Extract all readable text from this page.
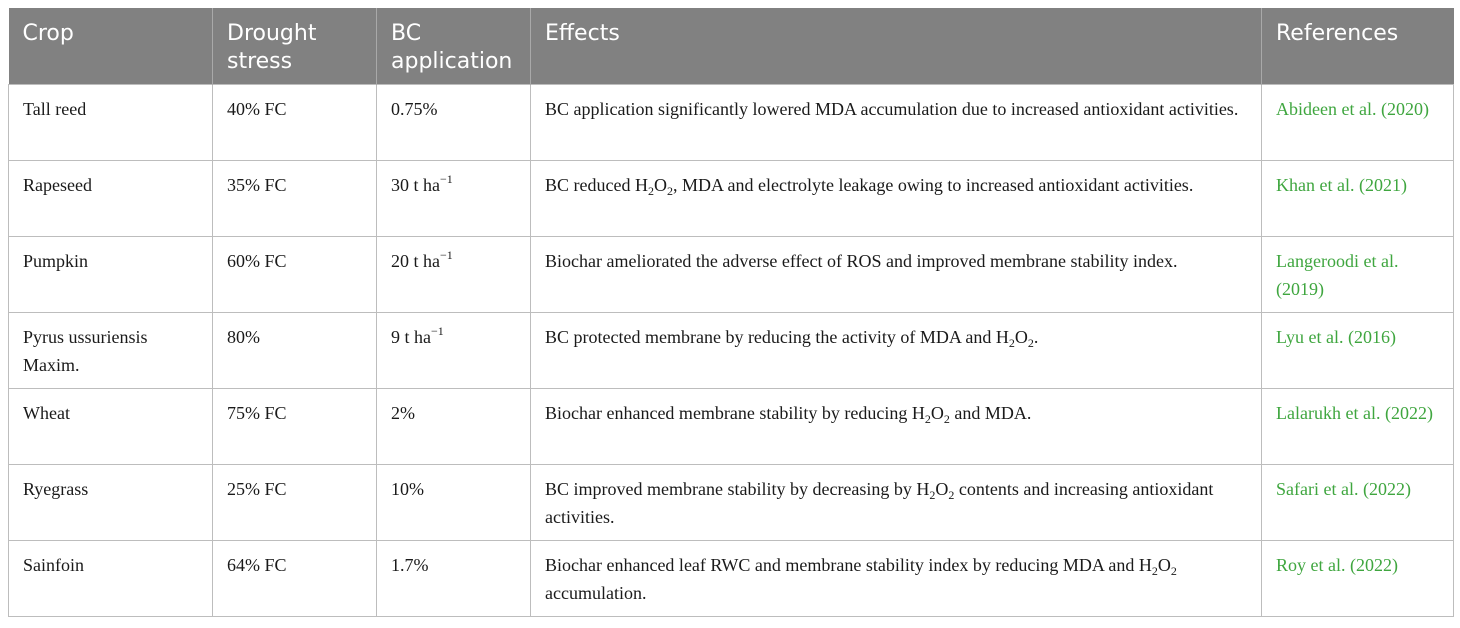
Crop	Drought stress	BC application	Effects	References
Tall reed	40% FC	0.75%	BC application significantly lowered MDA accumulation due to increased antioxidant activities.	Abideen et al. (2020)
Rapeseed	35% FC	30 t $ha^{-1}$	BC reduced $H_2O_2$, MDA and electrolyte leakage owing to increased antioxidant activities.	Khan et al. (2021)
Pumpkin	60% FC	20 t $ha^{-1}$	Biochar ameliorated the adverse effect of ROS and improved membrane stability index.	Langeroodi et al. (2019)
Pyrus ussuriensis Maxim.	80%	9 t $ha^{-1}$	BC protected membrane by reducing the activity of MDA and $H_2O_2$.	Lyu et al. (2016)
Wheat	75% FC	2%	Biochar enhanced membrane stability by reducing $H_2O_2$ and MDA.	Lalarukh et al. (2022)
Ryegrass	25% FC	10%	BC improved membrane stability by decreasing by $H_2O_2$ contents and increasing antioxidant activities.	Safari et al. (2022)
Sainfoin	64% FC	1.7%	Biochar enhanced leaf RWC and membrane stability index by reducing MDA and $H_2O_2$ accumulation.	Roy et al. (2022)
